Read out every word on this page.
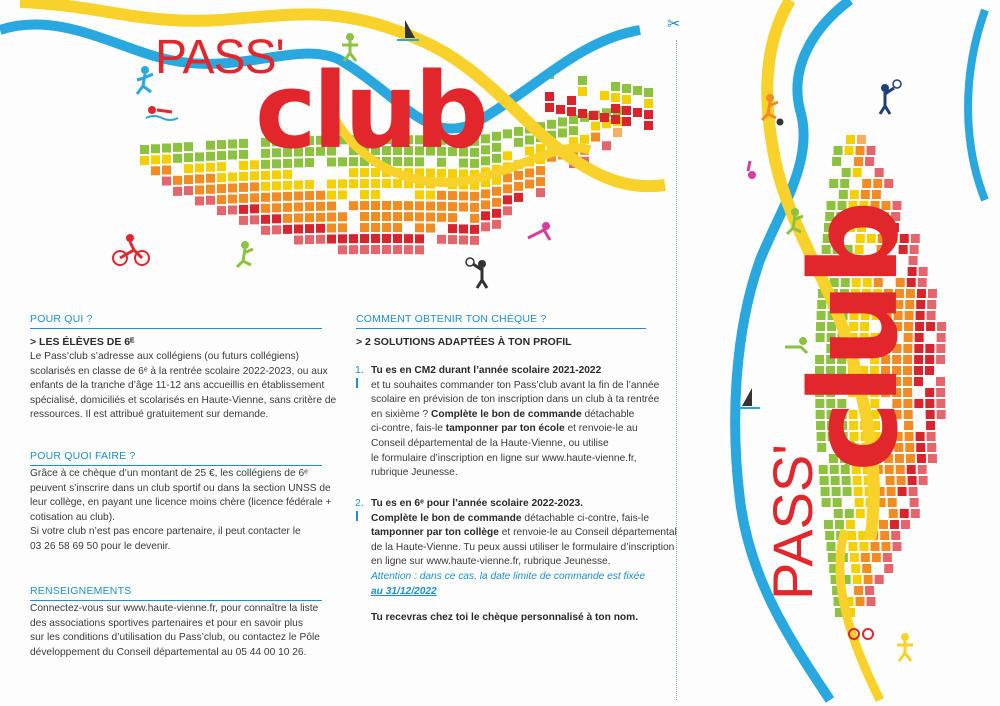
✂
PASS'
club
PASS'
club
POUR QUI ?
> LES ÉLÈVES DE 6ᴱ
Le Pass’club s’adresse aux collégiens (ou futurs collégiens)
scolarisés en classe de 6ᵉ à la rentrée scolaire 2022-2023, ou aux
enfants de la tranche d’âge 11-12 ans accueillis en établissement
spécialisé, domiciliés et scolarisés en Haute-Vienne, sans critère de
ressources. Il est attribué gratuitement sur demande.
POUR QUOI FAIRE ?
Grâce à ce chèque d’un montant de 25 €, les collégiens de 6ᵉ
peuvent s’inscrire dans un club sportif ou dans la section UNSS de
leur collège, en payant une licence moins chère (licence fédérale +
cotisation au club).
Si votre club n’est pas encore partenaire, il peut contacter le
03 26 58 69 50 pour le devenir.
RENSEIGNEMENTS
Connectez-vous sur www.haute-vienne.fr, pour connaître la liste
des associations sportives partenaires et pour en savoir plus
sur les conditions d’utilisation du Pass’club, ou contactez le Pôle
développement du Conseil départemental au 05 44 00 10 26.
COMMENT OBTENIR TON CHÈQUE ?
> 2 SOLUTIONS ADAPTÉES À TON PROFIL
1. Tu es en CM2 durant l’année scolaire 2021-2022
et tu souhaites commander ton Pass’club avant la fin de l’année
scolaire en prévision de ton inscription dans un club à ta rentrée
en sixième ? Complète le bon de commande détachable
ci-contre, fais-le tamponner par ton école et renvoie-le au
Conseil départemental de la Haute-Vienne, ou utilise
le formulaire d’inscription en ligne sur www.haute-vienne.fr,
rubrique Jeunesse.
2. Tu es en 6ᵉ pour l’année scolaire 2022-2023.
Complète le bon de commande détachable ci-contre, fais-le
tamponner par ton collège et renvoie-le au Conseil départemental
de la Haute-Vienne. Tu peux aussi utiliser le formulaire d’inscription
en ligne sur www.haute-vienne.fr, rubrique Jeunesse.
Attention : dans ce cas, la date limite de commande est fixée
au 31/12/2022
Tu recevras chez toi le chèque personnalisé à ton nom.
